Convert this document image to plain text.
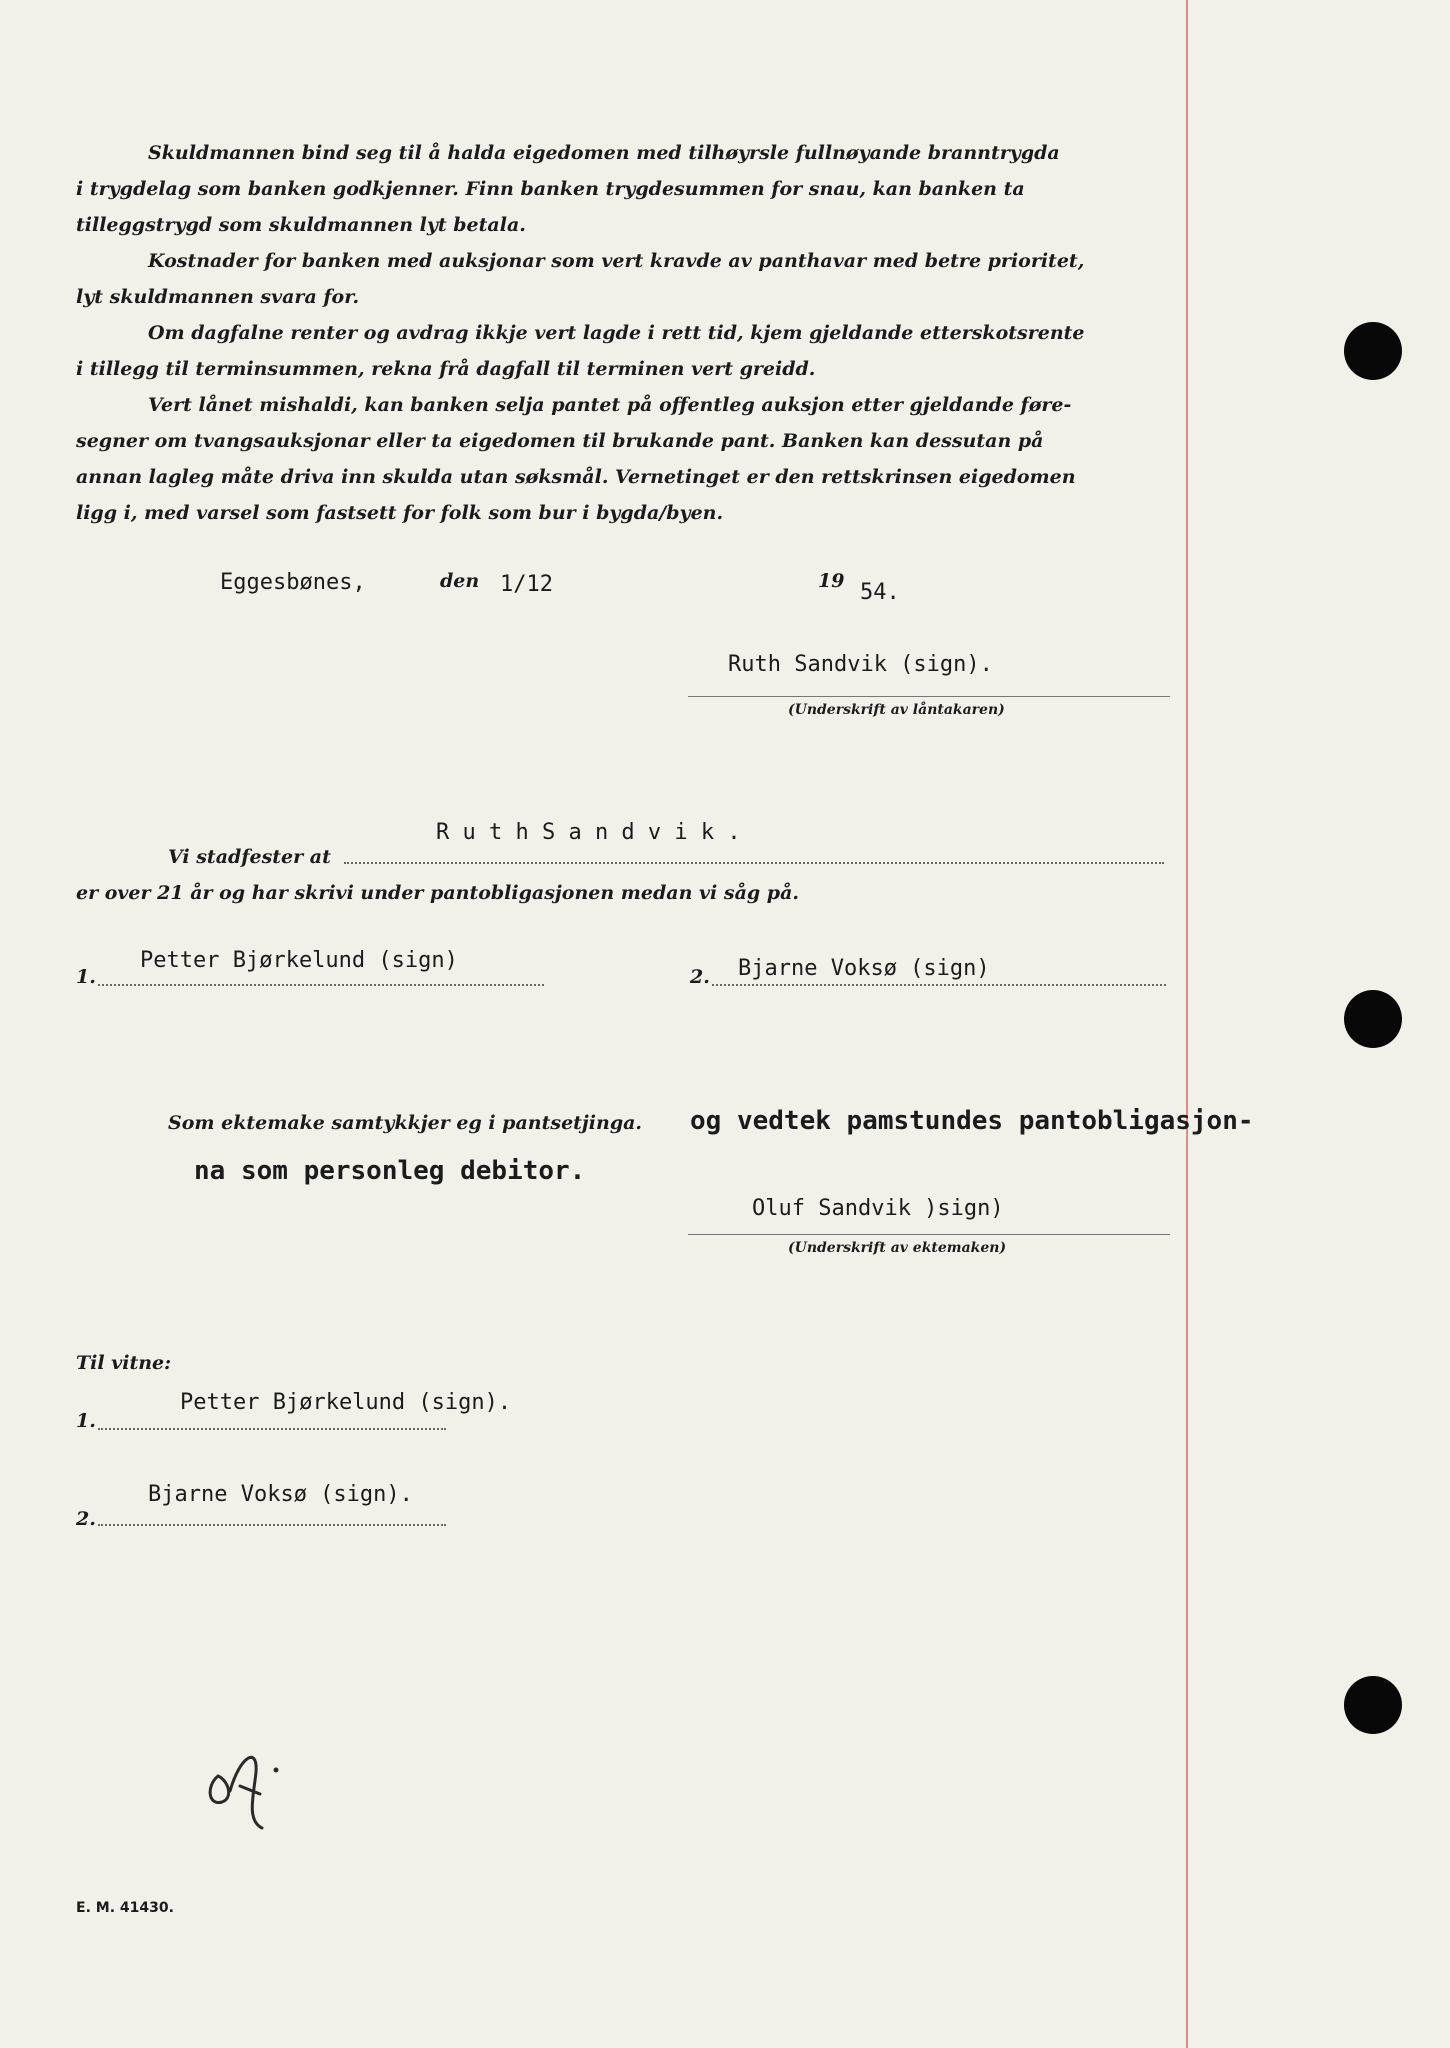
Skuldmannen bind seg til å halda eigedomen med tilhøyrsle fullnøyande branntrygda
i trygdelag som banken godkjenner. Finn banken trygdesummen for snau, kan banken ta
tilleggstrygd som skuldmannen lyt betala.
Kostnader for banken med auksjonar som vert kravde av panthavar med betre prioritet,
lyt skuldmannen svara for.
Om dagfalne renter og avdrag ikkje vert lagde i rett tid, kjem gjeldande etterskotsrente
i tillegg til terminsummen, rekna frå dagfall til terminen vert greidd.
Vert lånet mishaldi, kan banken selja pantet på offentleg auksjon etter gjeldande føre-
segner om tvangsauksjonar eller ta eigedomen til brukande pant. Banken kan dessutan på
annan lagleg måte driva inn skulda utan søksmål. Vernetinget er den rettskrinsen eigedomen
ligg i, med varsel som fastsett for folk som bur i bygda/byen.
Eggesbønes,	den 1/12	19 54.
Ruth Sandvik (sign).
(Underskrift av låntakaren)
R u t h S a n d v i k .
Vi stadfester at
er over 21 år og har skrivi under pantobligasjonen medan vi såg på.
1.
Petter Bjørkelund (sign)
2. Bjarne Voksø (sign)
Som ektemake samtykkjer eg i pantsetjinga. og vedtek pamstundes pantobligasjon-
na som personleg debitor.
Oluf Sandvik )sign)
(Underskrift av ektemaken)
Til vitne:
1.
Petter Bjørkelund (sign).
2.
Bjarne Voksø (sign).
E. M. 41430.
